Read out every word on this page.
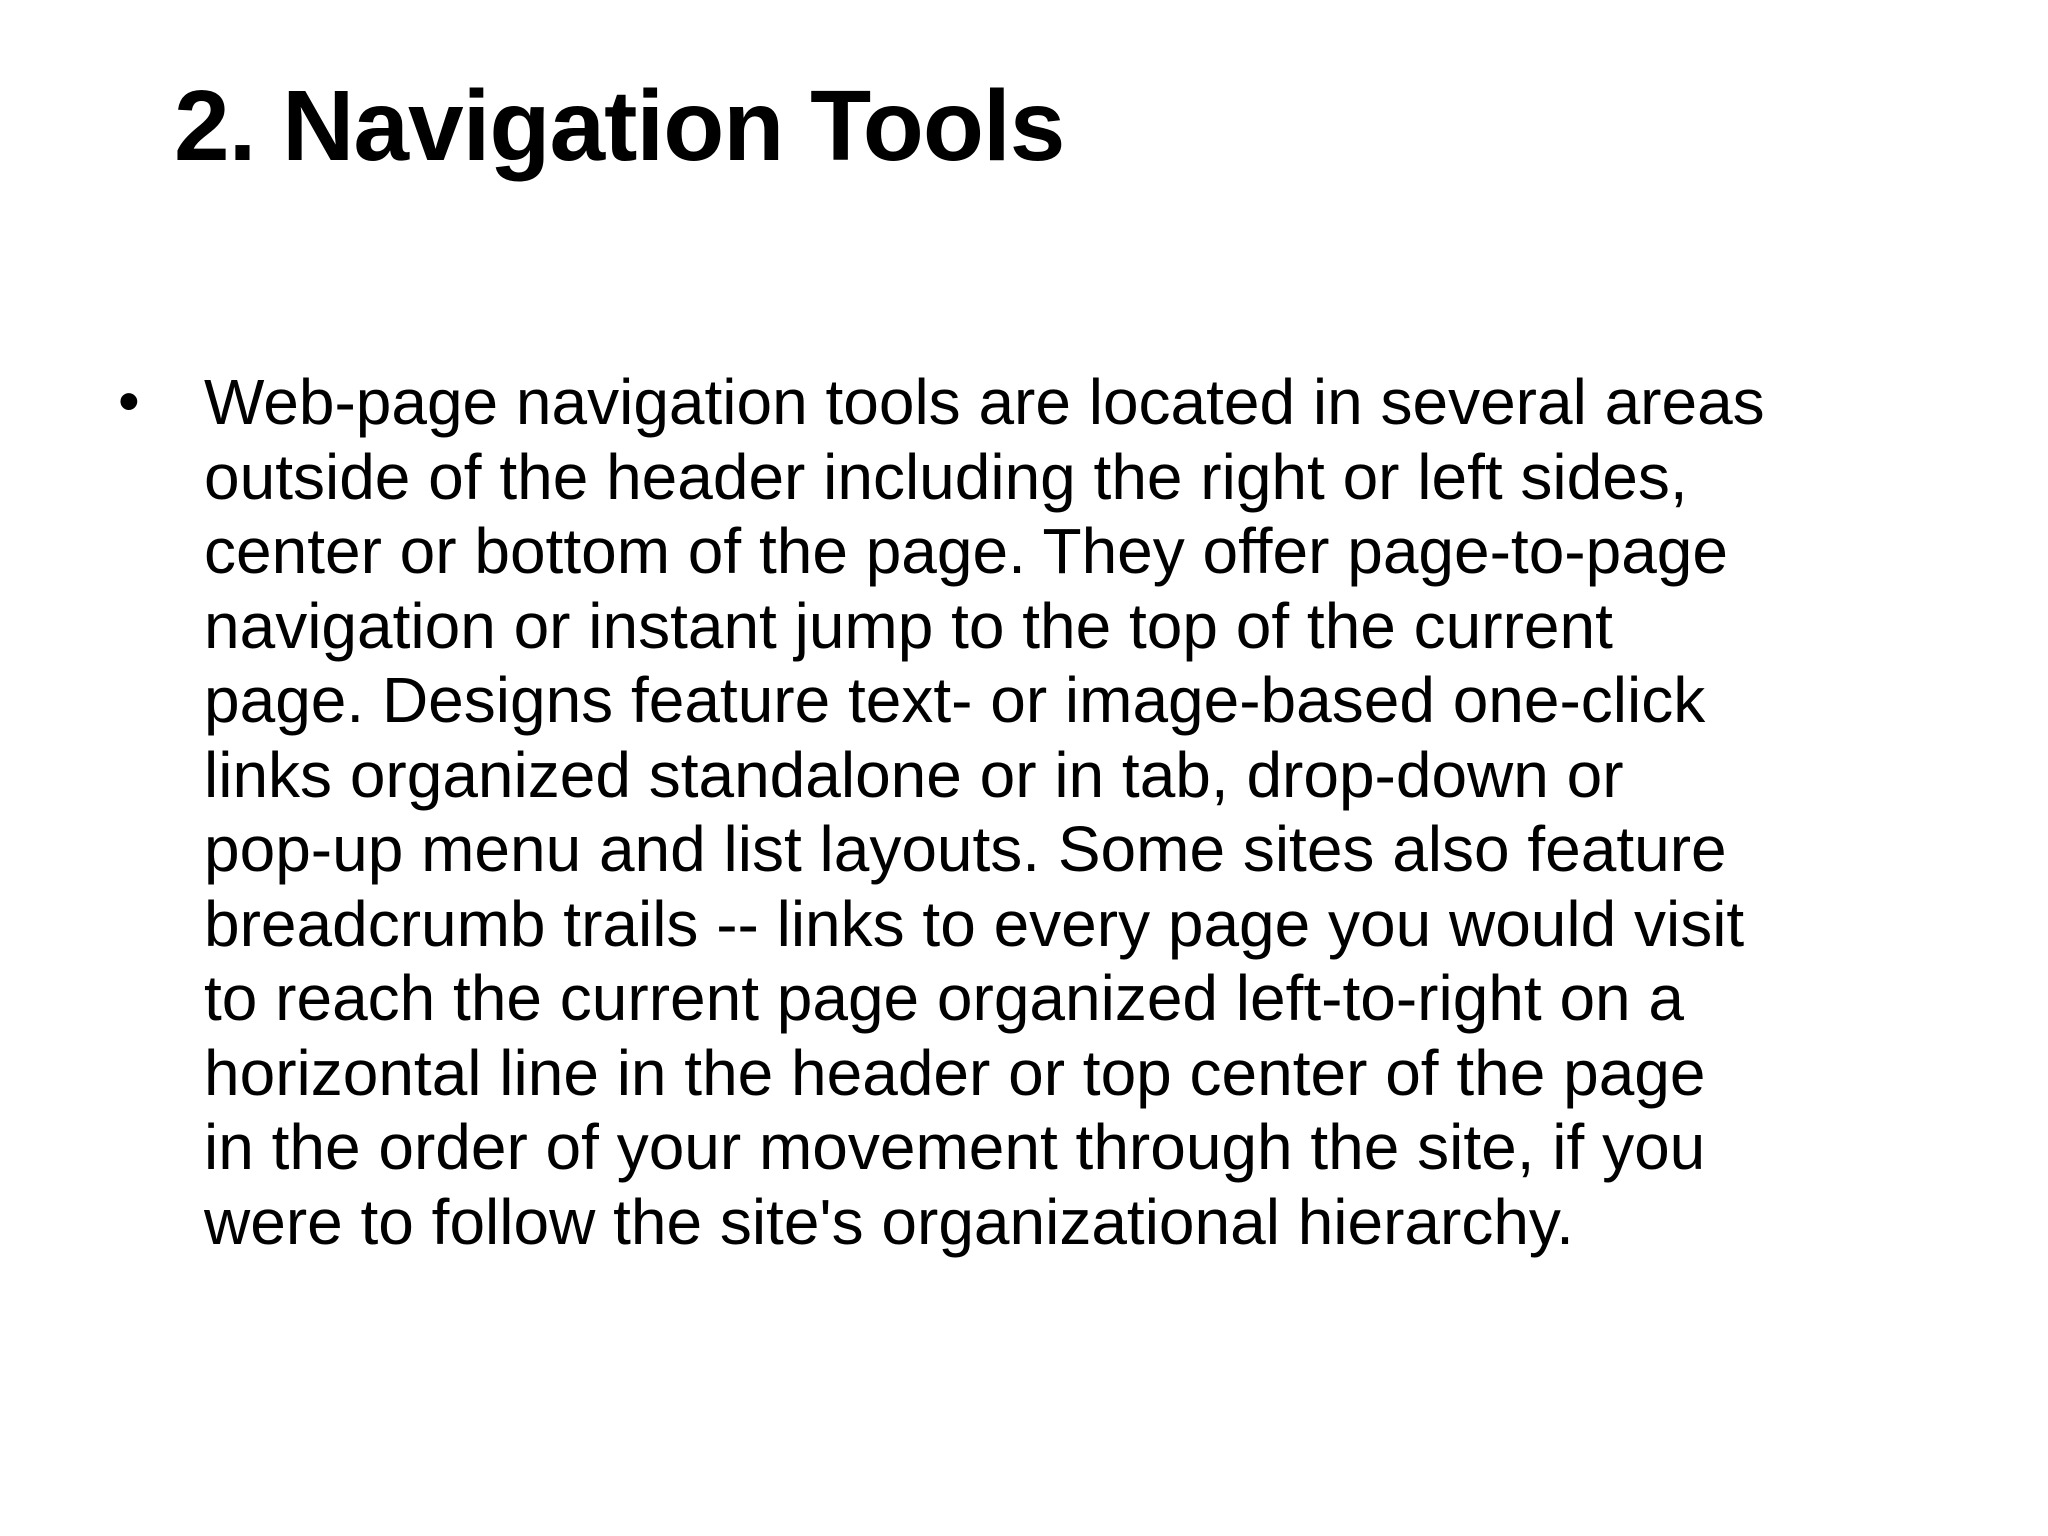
2. Navigation Tools
• Web-page navigation tools are located in several areas
outside of the header including the right or left sides,
center or bottom of the page. They offer page-to-page
navigation or instant jump to the top of the current
page. Designs feature text- or image-based one-click
links organized standalone or in tab, drop-down or
pop-up menu and list layouts. Some sites also feature
breadcrumb trails -- links to every page you would visit
to reach the current page organized left-to-right on a
horizontal line in the header or top center of the page
in the order of your movement through the site, if you
were to follow the site's organizational hierarchy.
